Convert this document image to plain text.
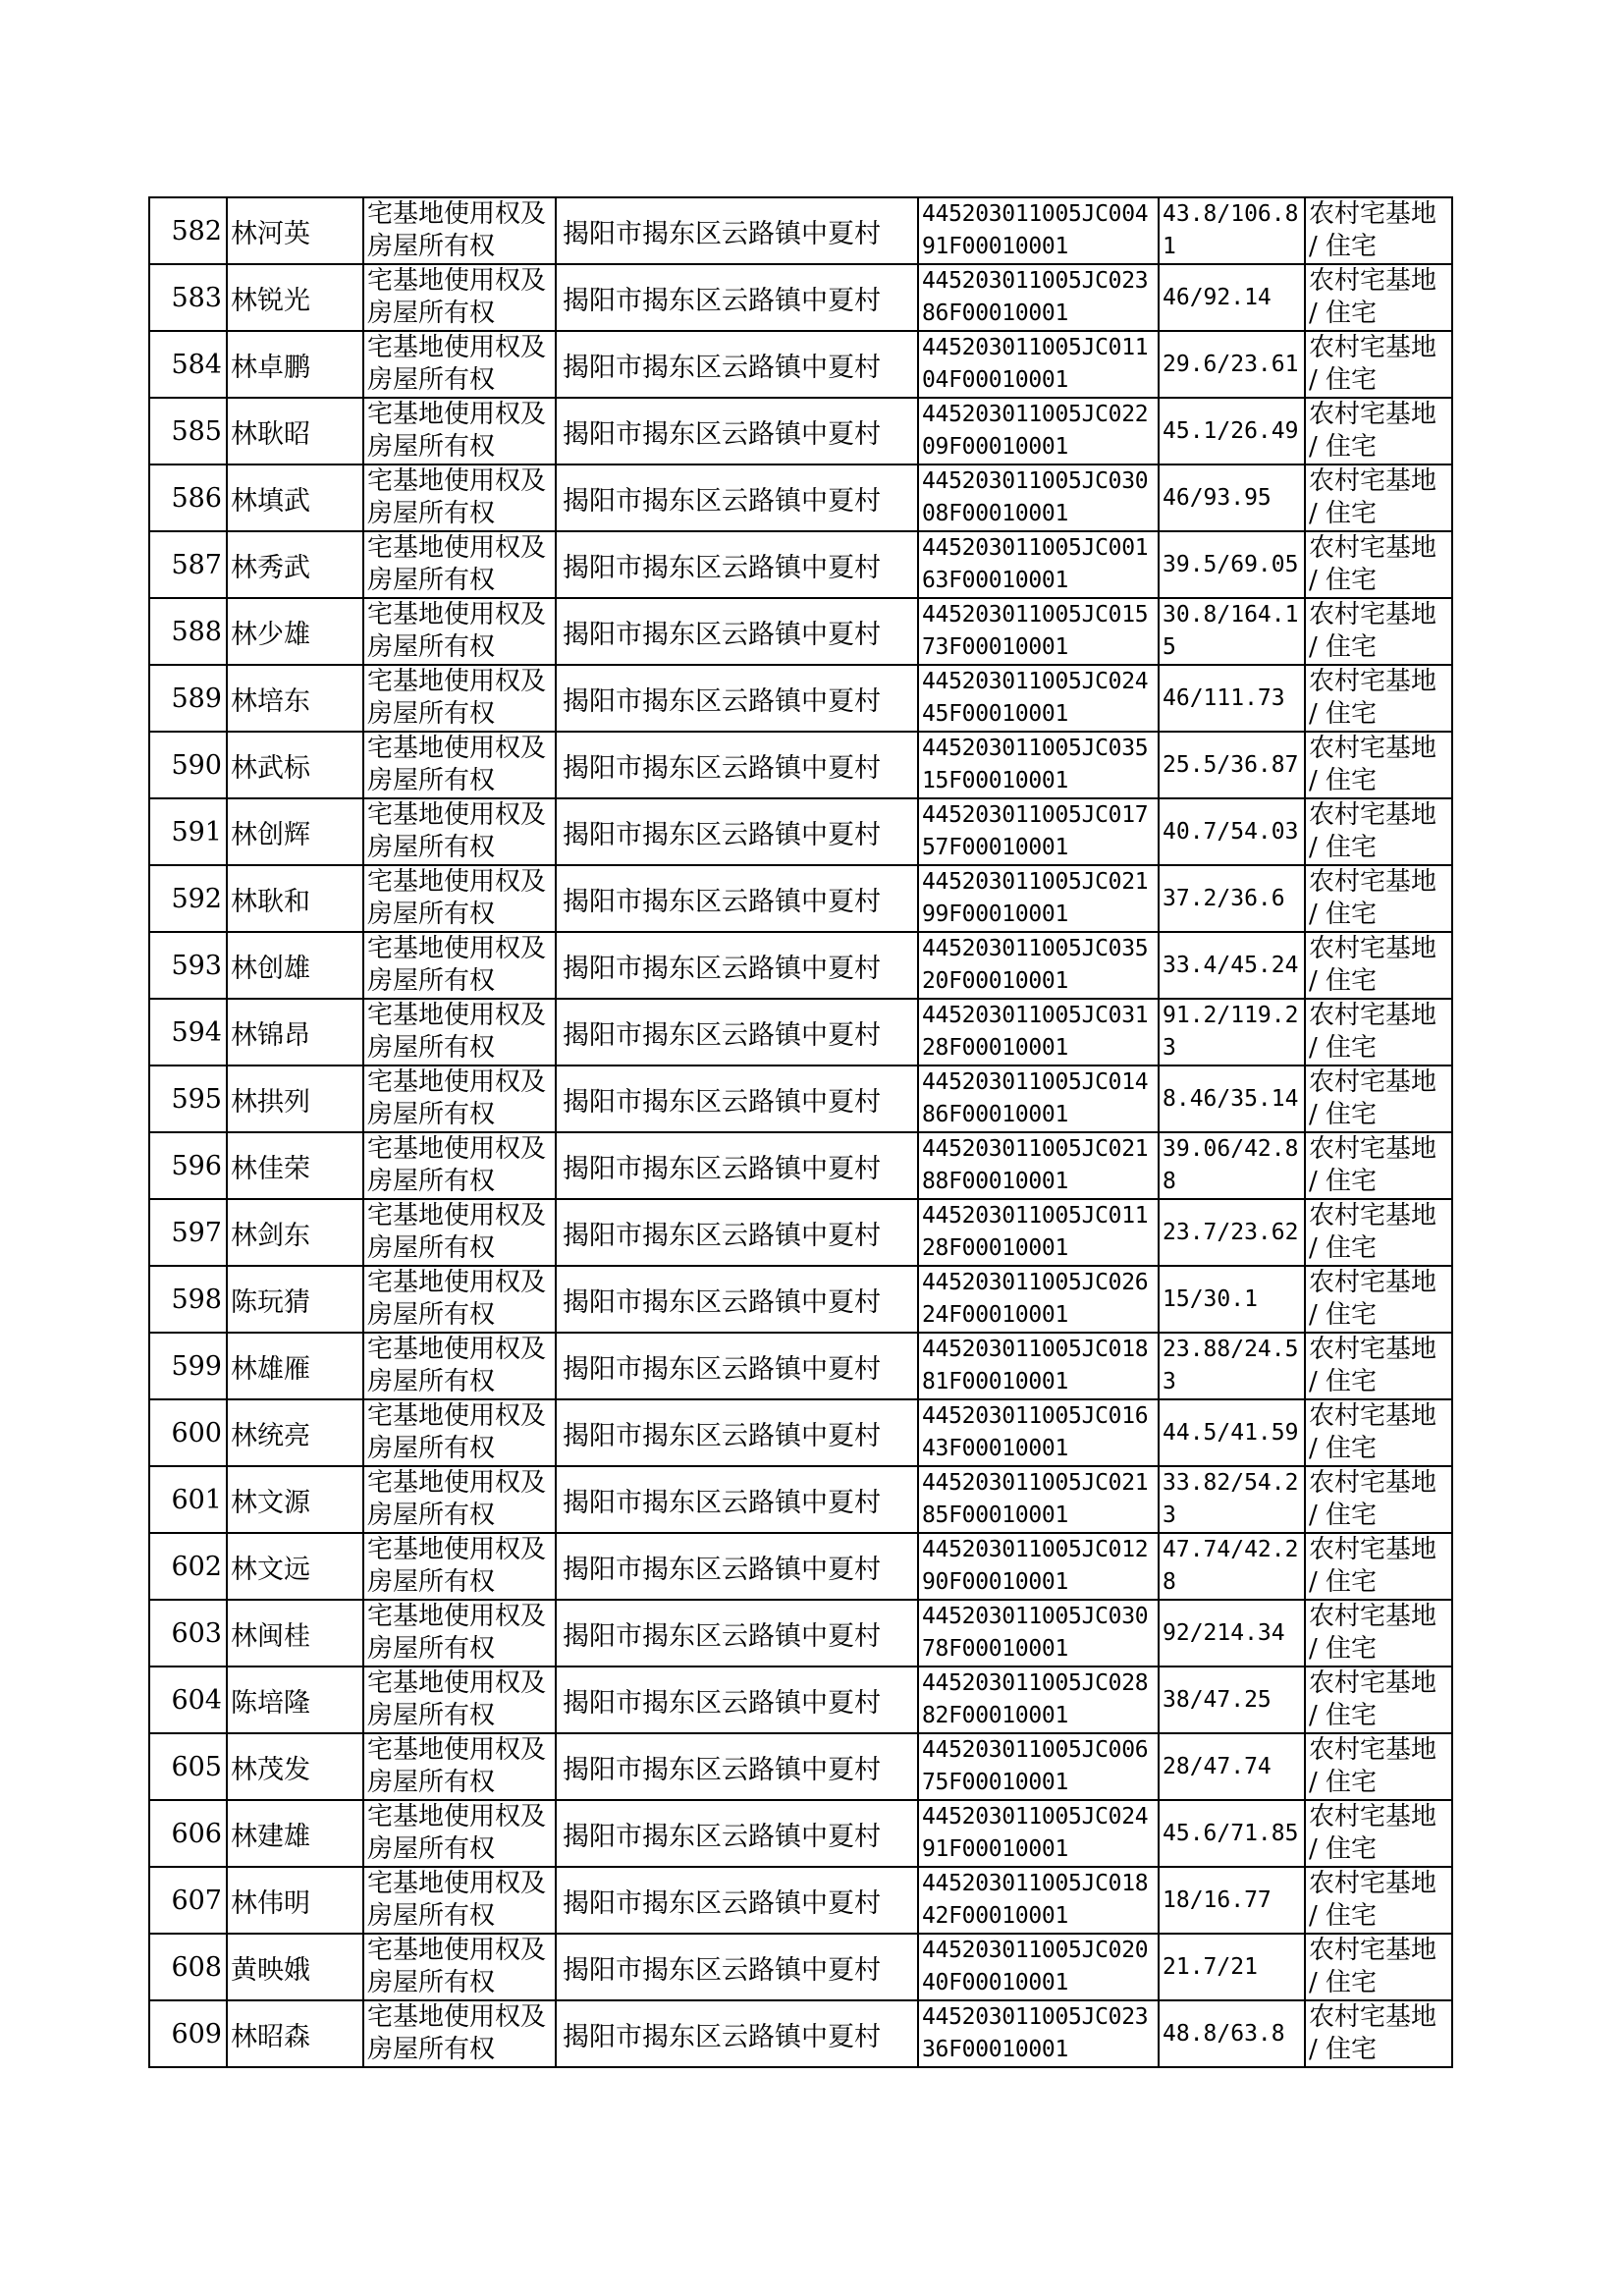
582	林河英	宅基地使用权及房屋所有权	揭阳市揭东区云路镇中夏村	445203011005JC00491F00010001	43.8/106.81	农村宅基地 / 住宅
583	林锐光	宅基地使用权及房屋所有权	揭阳市揭东区云路镇中夏村	445203011005JC02386F00010001	46/92.14	农村宅基地 / 住宅
584	林卓鹏	宅基地使用权及房屋所有权	揭阳市揭东区云路镇中夏村	445203011005JC01104F00010001	29.6/23.61	农村宅基地 / 住宅
585	林耿昭	宅基地使用权及房屋所有权	揭阳市揭东区云路镇中夏村	445203011005JC02209F00010001	45.1/26.49	农村宅基地 / 住宅
586	林填武	宅基地使用权及房屋所有权	揭阳市揭东区云路镇中夏村	445203011005JC03008F00010001	46/93.95	农村宅基地 / 住宅
587	林秀武	宅基地使用权及房屋所有权	揭阳市揭东区云路镇中夏村	445203011005JC00163F00010001	39.5/69.05	农村宅基地 / 住宅
588	林少雄	宅基地使用权及房屋所有权	揭阳市揭东区云路镇中夏村	445203011005JC01573F00010001	30.8/164.15	农村宅基地 / 住宅
589	林培东	宅基地使用权及房屋所有权	揭阳市揭东区云路镇中夏村	445203011005JC02445F00010001	46/111.73	农村宅基地 / 住宅
590	林武标	宅基地使用权及房屋所有权	揭阳市揭东区云路镇中夏村	445203011005JC03515F00010001	25.5/36.87	农村宅基地 / 住宅
591	林创辉	宅基地使用权及房屋所有权	揭阳市揭东区云路镇中夏村	445203011005JC01757F00010001	40.7/54.03	农村宅基地 / 住宅
592	林耿和	宅基地使用权及房屋所有权	揭阳市揭东区云路镇中夏村	445203011005JC02199F00010001	37.2/36.6	农村宅基地 / 住宅
593	林创雄	宅基地使用权及房屋所有权	揭阳市揭东区云路镇中夏村	445203011005JC03520F00010001	33.4/45.24	农村宅基地 / 住宅
594	林锦昂	宅基地使用权及房屋所有权	揭阳市揭东区云路镇中夏村	445203011005JC03128F00010001	91.2/119.23	农村宅基地 / 住宅
595	林拱列	宅基地使用权及房屋所有权	揭阳市揭东区云路镇中夏村	445203011005JC01486F00010001	8.46/35.14	农村宅基地 / 住宅
596	林佳荣	宅基地使用权及房屋所有权	揭阳市揭东区云路镇中夏村	445203011005JC02188F00010001	39.06/42.88	农村宅基地 / 住宅
597	林剑东	宅基地使用权及房屋所有权	揭阳市揭东区云路镇中夏村	445203011005JC01128F00010001	23.7/23.62	农村宅基地 / 住宅
598	陈玩猜	宅基地使用权及房屋所有权	揭阳市揭东区云路镇中夏村	445203011005JC02624F00010001	15/30.1	农村宅基地 / 住宅
599	林雄雁	宅基地使用权及房屋所有权	揭阳市揭东区云路镇中夏村	445203011005JC01881F00010001	23.88/24.53	农村宅基地 / 住宅
600	林统亮	宅基地使用权及房屋所有权	揭阳市揭东区云路镇中夏村	445203011005JC01643F00010001	44.5/41.59	农村宅基地 / 住宅
601	林文源	宅基地使用权及房屋所有权	揭阳市揭东区云路镇中夏村	445203011005JC02185F00010001	33.82/54.23	农村宅基地 / 住宅
602	林文远	宅基地使用权及房屋所有权	揭阳市揭东区云路镇中夏村	445203011005JC01290F00010001	47.74/42.28	农村宅基地 / 住宅
603	林闽桂	宅基地使用权及房屋所有权	揭阳市揭东区云路镇中夏村	445203011005JC03078F00010001	92/214.34	农村宅基地 / 住宅
604	陈培隆	宅基地使用权及房屋所有权	揭阳市揭东区云路镇中夏村	445203011005JC02882F00010001	38/47.25	农村宅基地 / 住宅
605	林茂发	宅基地使用权及房屋所有权	揭阳市揭东区云路镇中夏村	445203011005JC00675F00010001	28/47.74	农村宅基地 / 住宅
606	林建雄	宅基地使用权及房屋所有权	揭阳市揭东区云路镇中夏村	445203011005JC02491F00010001	45.6/71.85	农村宅基地 / 住宅
607	林伟明	宅基地使用权及房屋所有权	揭阳市揭东区云路镇中夏村	445203011005JC01842F00010001	18/16.77	农村宅基地 / 住宅
608	黄映娥	宅基地使用权及房屋所有权	揭阳市揭东区云路镇中夏村	445203011005JC02040F00010001	21.7/21	农村宅基地 / 住宅
609	林昭森	宅基地使用权及房屋所有权	揭阳市揭东区云路镇中夏村	445203011005JC02336F00010001	48.8/63.8	农村宅基地 / 住宅
